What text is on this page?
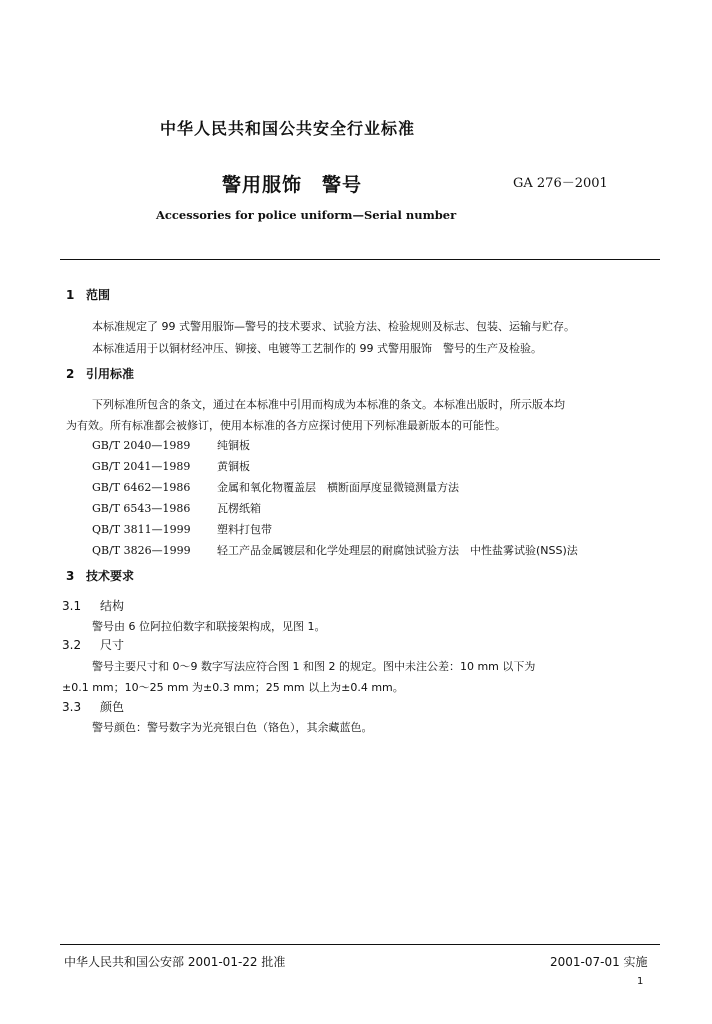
中华人民共和国公共安全行业标准
警用服饰　警号	GA 276－2001
Accessories for police uniform—Serial number
1 范围
本标准规定了 99 式警用服饰—警号的技术要求、试验方法、检验规则及标志、包装、运输与贮存。
本标准适用于以铜材经冲压、铆接、电镀等工艺制作的 99 式警用服饰　警号的生产及检验。
2 引用标准
下列标准所包含的条文，通过在本标准中引用而构成为本标准的条文。本标准出版时，所示版本均
为有效。所有标准都会被修订，使用本标准的各方应探讨使用下列标准最新版本的可能性。
GB/T 2040—1989 纯铜板
GB/T 2041—1989 黄铜板
GB/T 6462—1986 金属和氧化物覆盖层　横断面厚度显微镜测量方法
GB/T 6543—1986 瓦楞纸箱
QB/T 3811—1999 塑料打包带
QB/T 3826—1999 轻工产品金属镀层和化学处理层的耐腐蚀试验方法　中性盐雾试验(NSS)法
3 技术要求
3.1 结构
警号由 6 位阿拉伯数字和联接架构成，见图 1。
3.2 尺寸
警号主要尺寸和 0～9 数字写法应符合图 1 和图 2 的规定。图中未注公差：10 mm 以下为
±0.1 mm；10～25 mm 为±0.3 mm；25 mm 以上为±0.4 mm。
3.3 颜色
警号颜色：警号数字为光亮银白色（铬色），其余藏蓝色。
中华人民共和国公安部 2001-01-22 批准	2001-07-01 实施
1
